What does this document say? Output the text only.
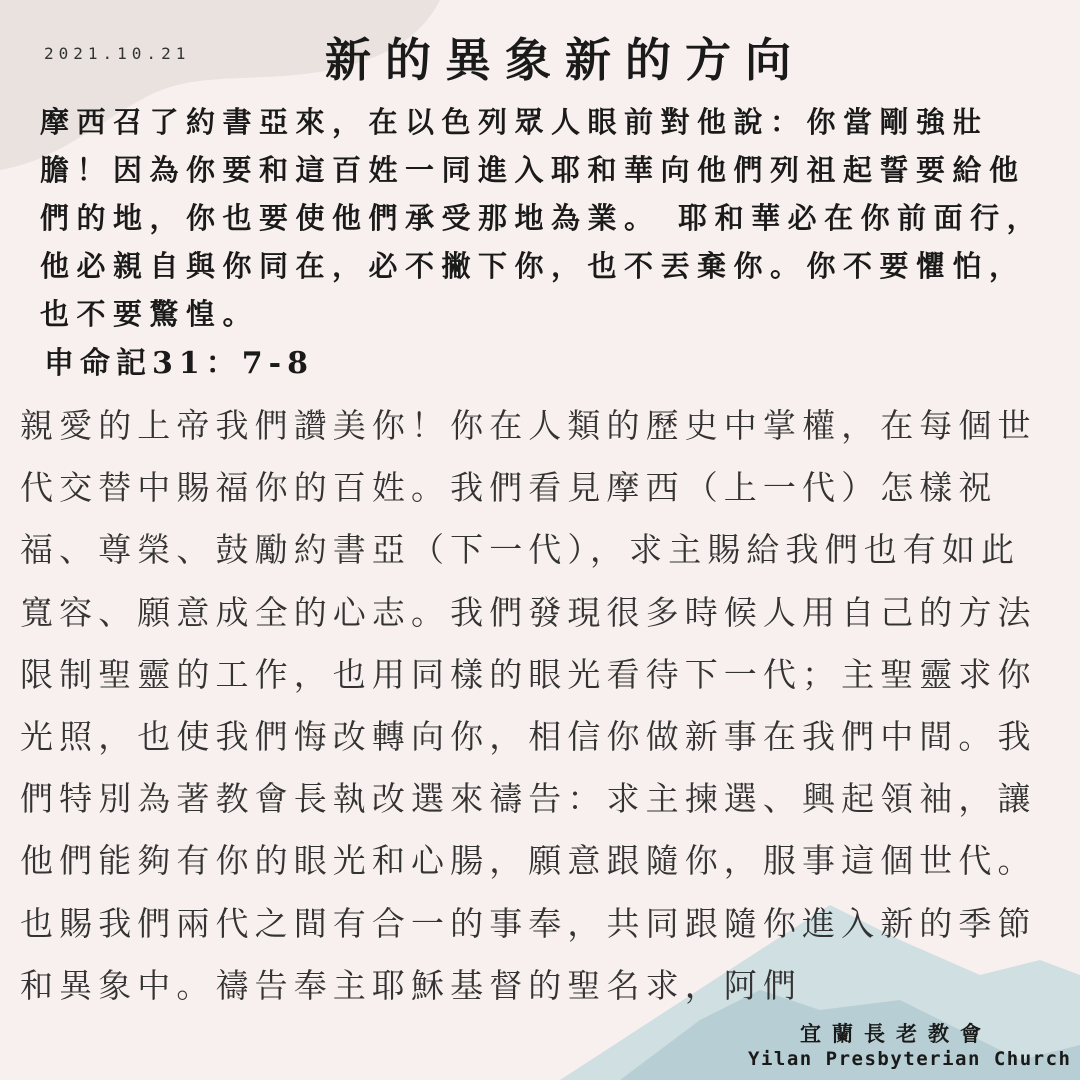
2021.10.21	新的異象新的方向
摩西召了約書亞來，在以色列眾人眼前對他說：你當剛強壯膽！因為你要和這百姓一同進入耶和華向他們列祖起誓要給他們的地，你也要使他們承受那地為業。 耶和華必在你前面行，他必親自與你同在，必不撇下你，也不丟棄你。你不要懼怕，也不要驚惶。
申命記31：7-8
親愛的上帝我們讚美你！你在人類的歷史中掌權，在每個世代交替中賜福你的百姓。我們看見摩西（上一代）怎樣祝福、尊榮、鼓勵約書亞（下一代），求主賜給我們也有如此寬容、願意成全的心志。我們發現很多時候人用自己的方法限制聖靈的工作，也用同樣的眼光看待下一代；主聖靈求你光照，也使我們悔改轉向你，相信你做新事在我們中間。我們特別為著教會長執改選來禱告：求主揀選、興起領袖，讓他們能夠有你的眼光和心腸，願意跟隨你，服事這個世代。也賜我們兩代之間有合一的事奉，共同跟隨你進入新的季節和異象中。禱告奉主耶穌基督的聖名求，阿們
宜蘭長老教會
Yilan Presbyterian Church
